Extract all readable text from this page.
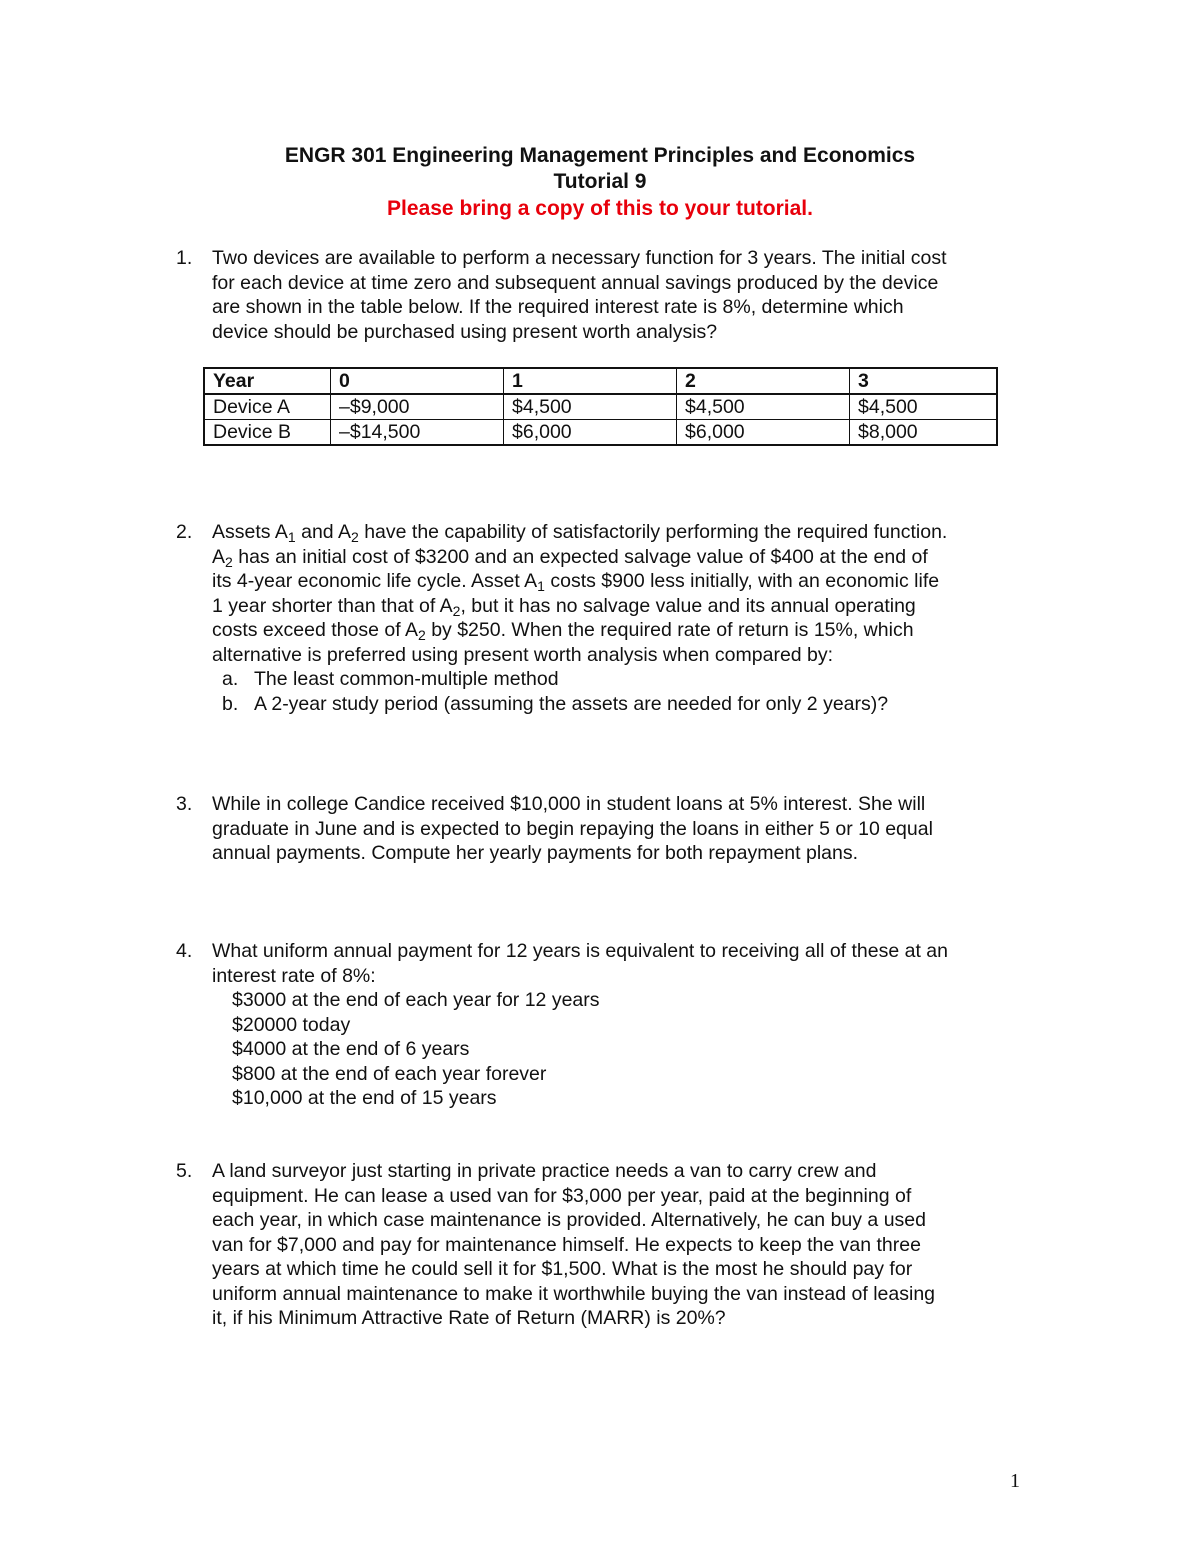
ENGR 301 Engineering Management Principles and Economics
Tutorial 9
Please bring a copy of this to your tutorial.
1. Two devices are available to perform a necessary function for 3 years. The initial cost
for each device at time zero and subsequent annual savings produced by the device
are shown in the table below. If the required interest rate is 8%, determine which
device should be purchased using present worth analysis?
Year	0	1	2	3
Device A	–$9,000	$4,500	$4,500	$4,500
Device B	–$14,500	$6,000	$6,000	$8,000
2. Assets $A_1$ and $A_2$ have the capability of satisfactorily performing the required function.
$A_2$ has an initial cost of $3200 and an expected salvage value of $400 at the end of
its 4-year economic life cycle. Asset $A_1$ costs $900 less initially, with an economic life
1 year shorter than that of $A_2$, but it has no salvage value and its annual operating
costs exceed those of $A_2$ by $250. When the required rate of return is 15%, which
alternative is preferred using present worth analysis when compared by:
a. The least common-multiple method
b. A 2-year study period (assuming the assets are needed for only 2 years)?
3. While in college Candice received $10,000 in student loans at 5% interest. She will
graduate in June and is expected to begin repaying the loans in either 5 or 10 equal
annual payments. Compute her yearly payments for both repayment plans.
4. What uniform annual payment for 12 years is equivalent to receiving all of these at an
interest rate of 8%:
$3000 at the end of each year for 12 years
$20000 today
$4000 at the end of 6 years
$800 at the end of each year forever
$10,000 at the end of 15 years
5. A land surveyor just starting in private practice needs a van to carry crew and
equipment. He can lease a used van for $3,000 per year, paid at the beginning of
each year, in which case maintenance is provided. Alternatively, he can buy a used
van for $7,000 and pay for maintenance himself. He expects to keep the van three
years at which time he could sell it for $1,500. What is the most he should pay for
uniform annual maintenance to make it worthwhile buying the van instead of leasing
it, if his Minimum Attractive Rate of Return (MARR) is 20%?
1
